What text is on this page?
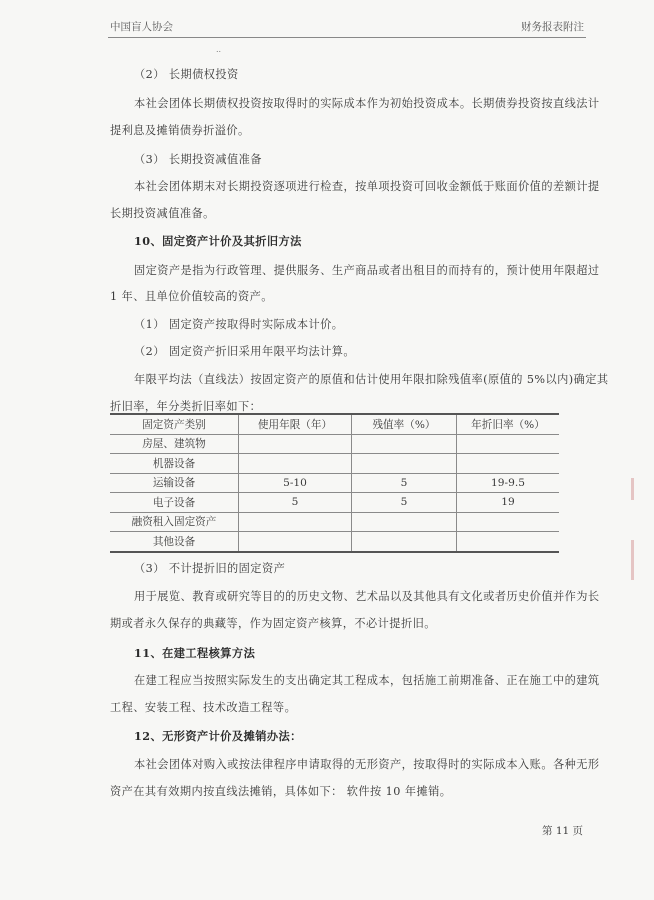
中国盲人协会	财务报表附注
..
（2） 长期债权投资
本社会团体长期债权投资按取得时的实际成本作为初始投资成本。长期债券投资按直线法计
提利息及摊销债券折溢价。
（3） 长期投资减值准备
本社会团体期末对长期投资逐项进行检查，按单项投资可回收金额低于账面价值的差额计提
长期投资减值准备。
10、固定资产计价及其折旧方法
固定资产是指为行政管理、提供服务、生产商品或者出租目的而持有的，预计使用年限超过
1 年、且单位价值较高的资产。
（1） 固定资产按取得时实际成本计价。
（2） 固定资产折旧采用年限平均法计算。
年限平均法（直线法）按固定资产的原值和估计使用年限扣除残值率(原值的 5%以内)确定其
折旧率，年分类折旧率如下：
固定资产类别	使用年限（年）	残值率（%）	年折旧率（%）
房屋、建筑物			
机器设备			
运输设备	5-10	5	19-9.5
电子设备	5	5	19
融资租入固定资产			
其他设备			
（3） 不计提折旧的固定资产
用于展览、教育或研究等目的的历史文物、艺术品以及其他具有文化或者历史价值并作为长
期或者永久保存的典藏等，作为固定资产核算，不必计提折旧。
11、在建工程核算方法
在建工程应当按照实际发生的支出确定其工程成本，包括施工前期准备、正在施工中的建筑
工程、安装工程、技术改造工程等。
12、无形资产计价及摊销办法：
本社会团体对购入或按法律程序申请取得的无形资产，按取得时的实际成本入账。各种无形
资产在其有效期内按直线法摊销，具体如下： 软件按 10 年摊销。
第 11 页
